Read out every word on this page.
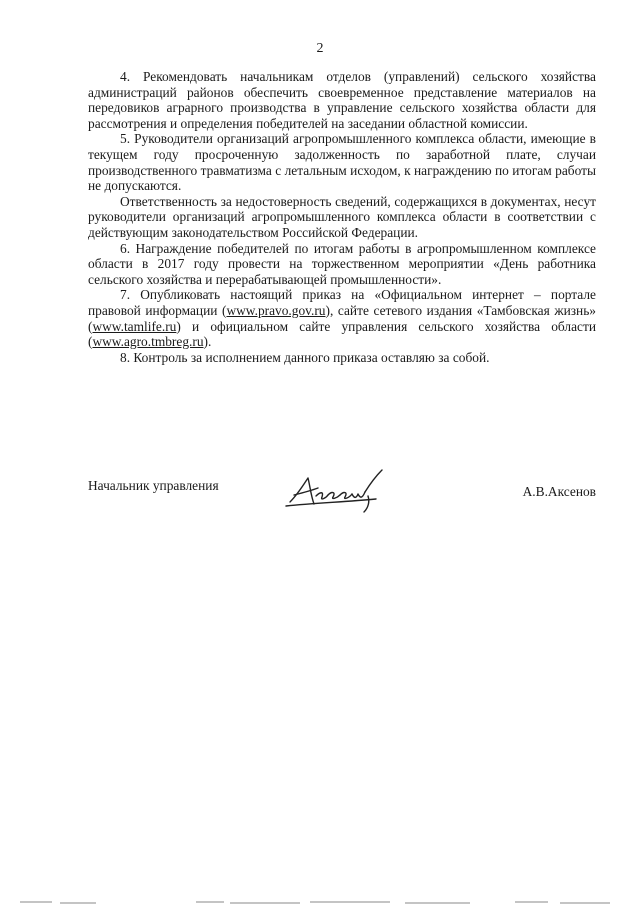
2

4. Рекомендовать начальникам отделов (управлений) сельского хозяйства администраций районов обеспечить своевременное представление материалов на передовиков аграрного производства в управление сельского хозяйства области для рассмотрения и определения победителей на заседании областной комиссии.

5. Руководители организаций агропромышленного комплекса области, имеющие в текущем году просроченную задолженность по заработной плате, случаи производственного травматизма с летальным исходом, к награждению по итогам работы не допускаются.

Ответственность за недостоверность сведений, содержащихся в документах, несут руководители организаций агропромышленного комплекса области в соответствии с действующим законодательством Российской Федерации.

6. Награждение победителей по итогам работы в агропромышленном комплексе области в 2017 году провести на торжественном мероприятии «День работника сельского хозяйства и перерабатывающей промышленности».

7. Опубликовать настоящий приказ на «Официальном интернет – портале правовой информации (www.pravo.gov.ru), сайте сетевого издания «Тамбовская жизнь» (www.tamlife.ru) и официальном сайте управления сельского хозяйства области (www.agro.tmbreg.ru).

8. Контроль за исполнением данного приказа оставляю за собой.

Начальник управления	А.В.Аксенов
